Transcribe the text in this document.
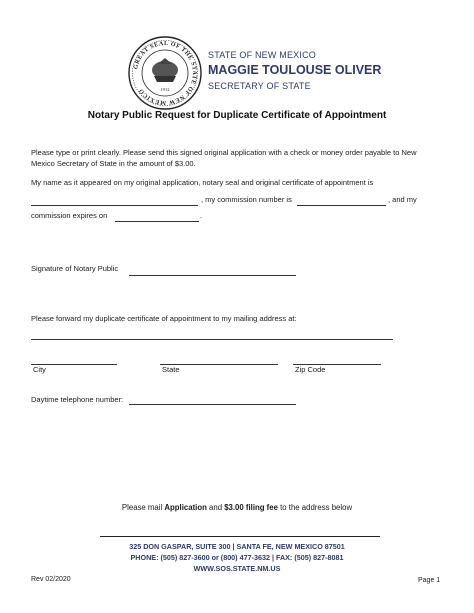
GREAT SEAL OF THE STATE OF NEW MEXICO	1912
STATE OF NEW MEXICO
MAGGIE TOULOUSE OLIVER
SECRETARY OF STATE
Notary Public Request for Duplicate Certificate of Appointment
Please type or print clearly. Please send this signed original application with a check or money order payable to New
Mexico Secretary of State in the amount of $3.00.
My name as it appeared on my original application, notary seal and original certificate of appointment is
, my commission number is	, and my
commission expires on	.
Signature of Notary Public
Please forward my duplicate certificate of appointment to my mailing address at:
City	State	Zip Code
Daytime telephone number:
Please mail Application and $3.00 filing fee to the address below
325 DON GASPAR, SUITE 300 | SANTA FE, NEW MEXICO 87501
PHONE: (505) 827-3600 or (800) 477-3632 | FAX: (505) 827-8081
WWW.SOS.STATE.NM.US
Rev 02/2020	Page 1
